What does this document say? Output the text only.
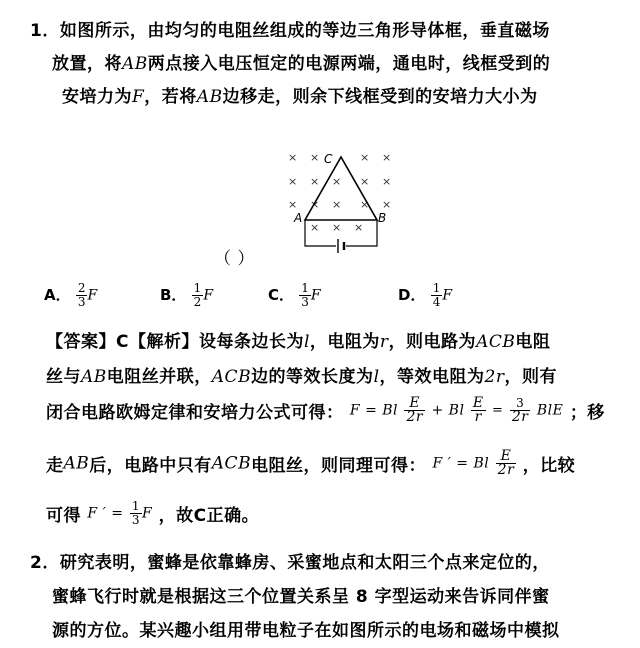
1．如图所示，由均匀的电阻丝组成的等边三角形导体框，垂直磁场
放置，将AB两点接入电压恒定的电源两端，通电时，线框受到的
安培力为F，若将AB边移走，则余下线框受到的安培力大小为
× ×	× ×
× × × × ×
× × × × ×
× × ×
C
A	B
（ ）
A． $\frac{2}{3}$ F	B． $\frac{1}{2}$ F	C． $\frac{1}{3}$ F	D． $\frac{1}{4}$ F
【答案】C【解析】设每条边长为l，电阻为r，则电路为ACB电阻
丝与AB电阻丝并联，ACB边的等效长度为l，等效电阻为2r，则有
闭合电路欧姆定律和安培力公式可得： F = Bl $\frac{E}{2r} + Bl \frac{E}{r} = \frac{3}{2r}$ BlE ；移
走AB后，电路中只有ACB电阻丝，则同理可得： F ′ = Bl $\frac{E}{2r}$ ，比较
可得 F ′ = $\frac{1}{3}$ F ，故C正确。
2．研究表明，蜜蜂是依靠蜂房、采蜜地点和太阳三个点来定位的，
蜜蜂飞行时就是根据这三个位置关系呈 8 字型运动来告诉同伴蜜
源的方位。某兴趣小组用带电粒子在如图所示的电场和磁场中模拟
